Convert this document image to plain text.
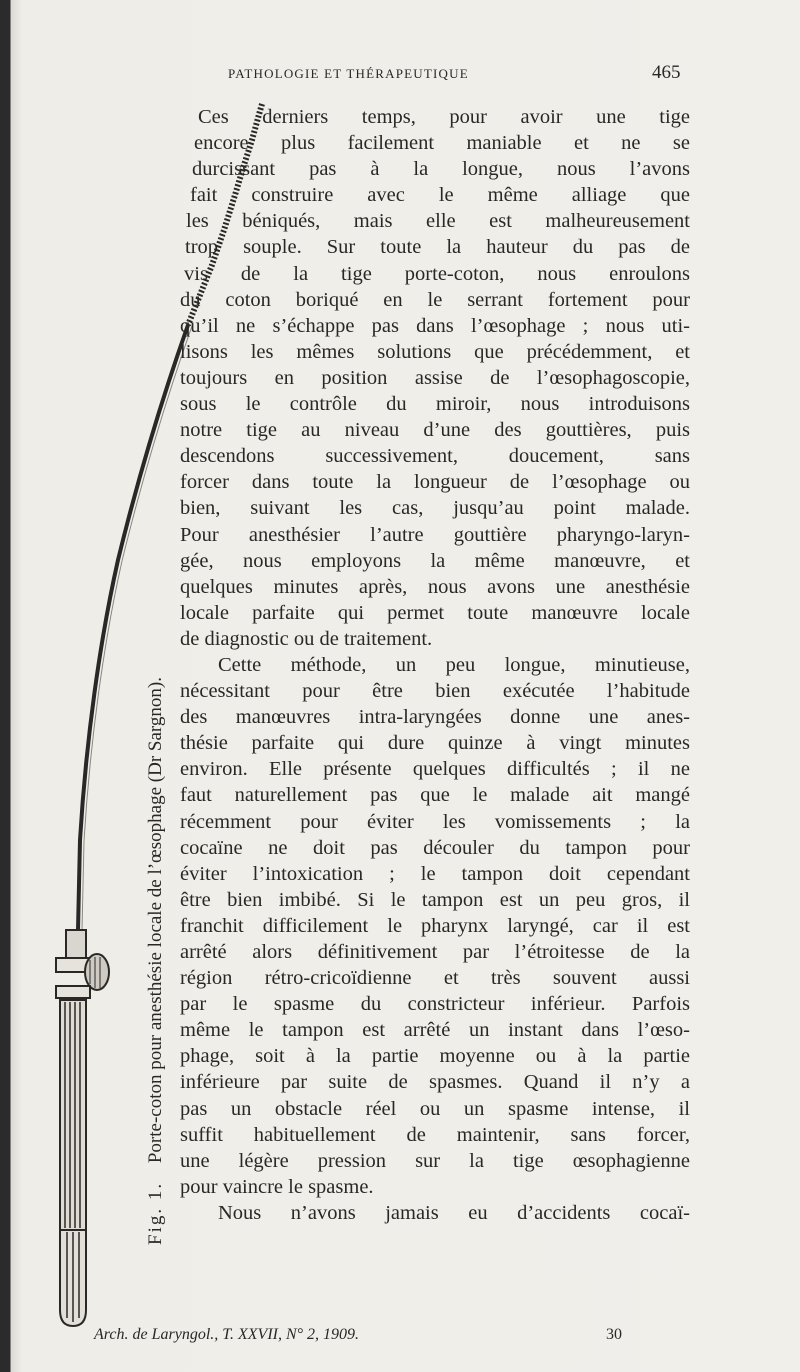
PATHOLOGIE ET THÉRAPEUTIQUE	465
Ces derniers temps, pour avoir une tige
encore plus facilement maniable et ne se
durcissant pas à la longue, nous l’avons
fait construire avec le même alliage que
les béniqués, mais elle est malheureusement
trop souple. Sur toute la hauteur du pas de
vis de la tige porte-coton, nous enroulons
du coton boriqué en le serrant fortement pour
qu’il ne s’échappe pas dans l’œsophage ; nous uti-
lisons les mêmes solutions que précédemment, et
toujours en position assise de l’œsophagoscopie,
sous le contrôle du miroir, nous introduisons
notre tige au niveau d’une des gouttières, puis
descendons successivement, doucement, sans
forcer dans toute la longueur de l’œsophage ou
bien, suivant les cas, jusqu’au point malade.
Pour anesthésier l’autre gouttière pharyngo-laryn-
gée, nous employons la même manœuvre, et
quelques minutes après, nous avons une anesthésie
locale parfaite qui permet toute manœuvre locale
de diagnostic ou de traitement.
Cette méthode, un peu longue, minutieuse,
nécessitant pour être bien exécutée l’habitude
des manœuvres intra-laryngées donne une anes-
thésie parfaite qui dure quinze à vingt minutes
environ. Elle présente quelques difficultés ; il ne
faut naturellement pas que le malade ait mangé
récemment pour éviter les vomissements ; la
cocaïne ne doit pas découler du tampon pour
éviter l’intoxication ; le tampon doit cependant
être bien imbibé. Si le tampon est un peu gros, il
franchit difficilement le pharynx laryngé, car il est
arrêté alors définitivement par l’étroitesse de la
région rétro-cricoïdienne et très souvent aussi
par le spasme du constricteur inférieur. Parfois
même le tampon est arrêté un instant dans l’œso-
phage, soit à la partie moyenne ou à la partie
inférieure par suite de spasmes. Quand il n’y a
pas un obstacle réel ou un spasme intense, il
suffit habituellement de maintenir, sans forcer,
une légère pression sur la tige œsophagienne
pour vaincre le spasme.
Nous n’avons jamais eu d’accidents cocaï-
Fig. 1. Porte-coton pour anesthésie locale de l’œsophage (Dr Sargnon).
Arch. de Laryngol., T. XXVII, N° 2, 1909.	30
